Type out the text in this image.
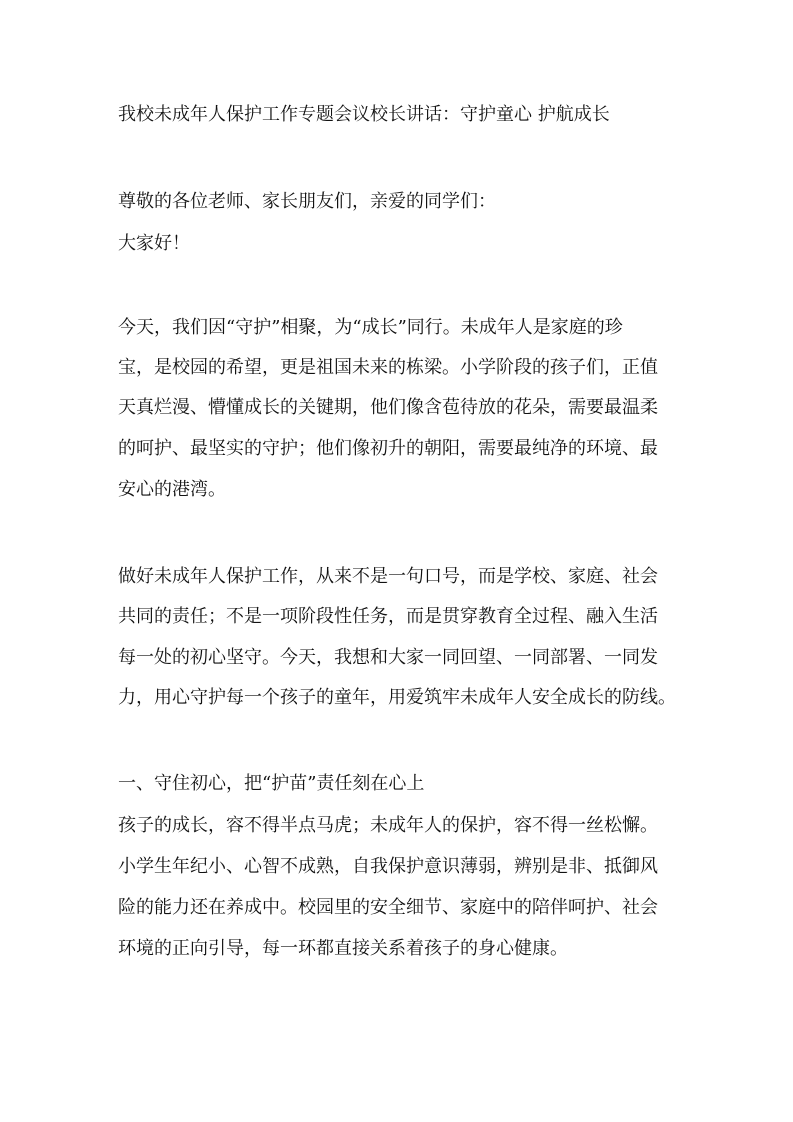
我校未成年人保护工作专题会议校长讲话：守护童心 护航成长
尊敬的各位老师、家长朋友们，亲爱的同学们：
大家好！
今天，我们因“守护”相聚，为“成长”同行。未成年人是家庭的珍
宝，是校园的希望，更是祖国未来的栋梁。小学阶段的孩子们，正值
天真烂漫、懵懂成长的关键期，他们像含苞待放的花朵，需要最温柔
的呵护、最坚实的守护；他们像初升的朝阳，需要最纯净的环境、最
安心的港湾。
做好未成年人保护工作，从来不是一句口号，而是学校、家庭、社会
共同的责任；不是一项阶段性任务，而是贯穿教育全过程、融入生活
每一处的初心坚守。今天，我想和大家一同回望、一同部署、一同发
力，用心守护每一个孩子的童年，用爱筑牢未成年人安全成长的防线。
一、守住初心，把“护苗”责任刻在心上
孩子的成长，容不得半点马虎；未成年人的保护，容不得一丝松懈。
小学生年纪小、心智不成熟，自我保护意识薄弱，辨别是非、抵御风
险的能力还在养成中。校园里的安全细节、家庭中的陪伴呵护、社会
环境的正向引导，每一环都直接关系着孩子的身心健康。
